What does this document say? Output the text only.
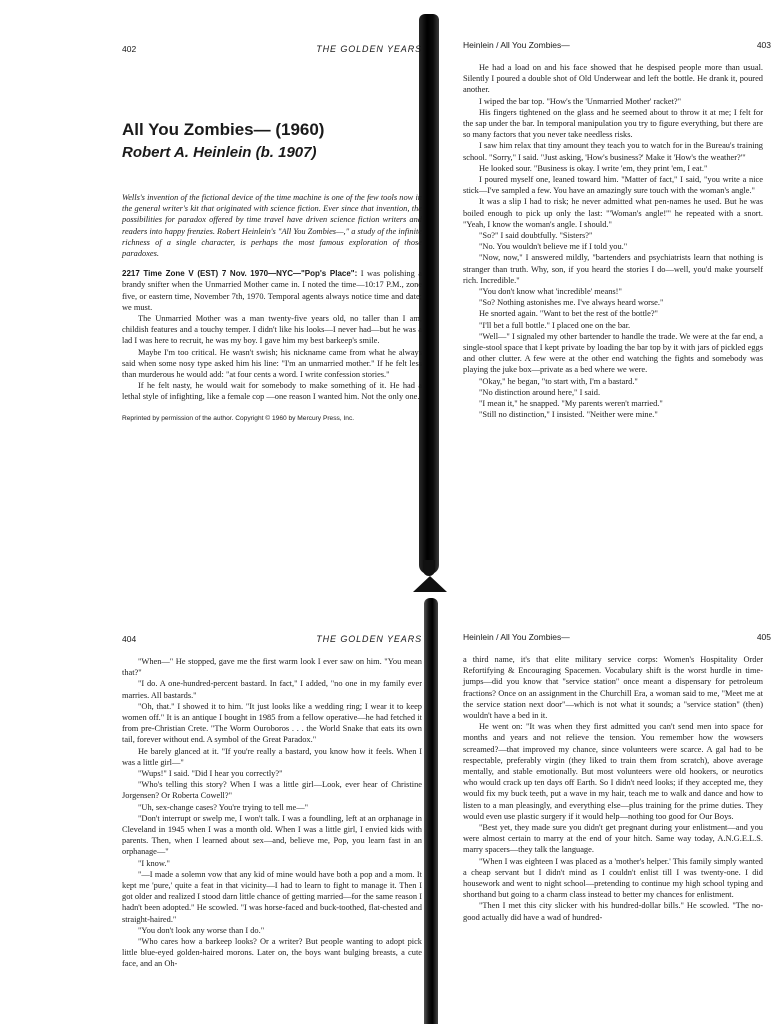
402	THE GOLDEN YEARS
All You Zombies— (1960)
Robert A. Heinlein (b. 1907)

Wells's invention of the fictional device of the time machine is one of the few tools now in the general writer's kit that originated with science fiction. Ever since that invention, the possibilities for paradox offered by time travel have driven science fiction writers and readers into happy frenzies. Robert Heinlein's "All You Zombies—," a study of the infinite richness of a single character, is perhaps the most famous exploration of those paradoxes.

2217 Time Zone V (EST) 7 Nov. 1970—NYC—"Pop's Place": I was polishing a brandy snifter when the Unmarried Mother came in. I noted the time—10:17 P.M., zone five, or eastern time, November 7th, 1970. Temporal agents always notice time and date; we must.

The Unmarried Mother was a man twenty-five years old, no taller than I am, childish features and a touchy temper. I didn't like his looks—I never had—but he was a lad I was here to recruit, he was my boy. I gave him my best barkeep's smile.

Maybe I'm too critical. He wasn't swish; his nickname came from what he always said when some nosy type asked him his line: "I'm an unmarried mother." If he felt less than murderous he would add: "at four cents a word. I write confession stories."

If he felt nasty, he would wait for somebody to make something of it. He had a lethal style of infighting, like a female cop —one reason I wanted him. Not the only one.

Reprinted by permission of the author. Copyright © 1960 by Mercury Press, Inc.
Heinlein / All You Zombies—	403

He had a load on and his face showed that he despised people more than usual. Silently I poured a double shot of Old Underwear and left the bottle. He drank it, poured another.

I wiped the bar top. "How's the 'Unmarried Mother' racket?"

His fingers tightened on the glass and he seemed about to throw it at me; I felt for the sap under the bar. In temporal manipulation you try to figure everything, but there are so many factors that you never take needless risks.

I saw him relax that tiny amount they teach you to watch for in the Bureau's training school. "Sorry," I said. "Just asking, 'How's business?' Make it 'How's the weather?'"

He looked sour. "Business is okay. I write 'em, they print 'em, I eat."

I poured myself one, leaned toward him. "Matter of fact," I said, "you write a nice stick—I've sampled a few. You have an amazingly sure touch with the woman's angle."

It was a slip I had to risk; he never admitted what pen-names he used. But he was boiled enough to pick up only the last: "'Woman's angle!'" he repeated with a snort. "Yeah, I know the woman's angle. I should."

"So?" I said doubtfully. "Sisters?"

"No. You wouldn't believe me if I told you."

"Now, now," I answered mildly, "bartenders and psychiatrists learn that nothing is stranger than truth. Why, son, if you heard the stories I do—well, you'd make yourself rich. Incredible."

"You don't know what 'incredible' means!"

"So? Nothing astonishes me. I've always heard worse."

He snorted again. "Want to bet the rest of the bottle?"

"I'll bet a full bottle." I placed one on the bar.

"Well—" I signaled my other bartender to handle the trade. We were at the far end, a single-stool space that I kept private by loading the bar top by it with jars of pickled eggs and other clutter. A few were at the other end watching the fights and somebody was playing the juke box—private as a bed where we were.

"Okay," he began, "to start with, I'm a bastard."

"No distinction around here," I said.

"I mean it," he snapped. "My parents weren't married."

"Still no distinction," I insisted. "Neither were mine."

404	THE GOLDEN YEARS

"When—" He stopped, gave me the first warm look I ever saw on him. "You mean that?"

"I do. A one-hundred-percent bastard. In fact," I added, "no one in my family ever marries. All bastards."

"Oh, that." I showed it to him. "It just looks like a wedding ring; I wear it to keep women off." It is an antique I bought in 1985 from a fellow operative—he had fetched it from pre-Christian Crete. "The Worm Ouroboros . . . the World Snake that eats its own tail, forever without end. A symbol of the Great Paradox."

He barely glanced at it. "If you're really a bastard, you know how it feels. When I was a little girl—"

"Wups!" I said. "Did I hear you correctly?"

"Who's telling this story? When I was a little girl—Look, ever hear of Christine Jorgensen? Or Roberta Cowell?"

"Uh, sex-change cases? You're trying to tell me—"

"Don't interrupt or swelp me, I won't talk. I was a foundling, left at an orphanage in Cleveland in 1945 when I was a month old. When I was a little girl, I envied kids with parents. Then, when I learned about sex—and, believe me, Pop, you learn fast in an orphanage—"

"I know."

"—I made a solemn vow that any kid of mine would have both a pop and a mom. It kept me 'pure,' quite a feat in that vicinity—I had to learn to fight to manage it. Then I got older and realized I stood darn little chance of getting married—for the same reason I hadn't been adopted." He scowled. "I was horse-faced and buck-toothed, flat-chested and straight-haired."

"You don't look any worse than I do."

"Who cares how a barkeep looks? Or a writer? But people wanting to adopt pick little blue-eyed golden-haired morons. Later on, the boys want bulging breasts, a cute face, and an Oh-

Heinlein / All You Zombies—	405

a third name, it's that elite military service corps: Women's Hospitality Order Refortifying & Encouraging Spacemen. Vocabulary shift is the worst hurdle in time-jumps—did you know that "service station" once meant a dispensary for petroleum fractions? Once on an assignment in the Churchill Era, a woman said to me, "Meet me at the service station next door"—which is not what it sounds; a "service station" (then) wouldn't have a bed in it.

He went on: "It was when they first admitted you can't send men into space for months and years and not relieve the tension. You remember how the wowsers screamed?—that improved my chance, since volunteers were scarce. A gal had to be respectable, preferably virgin (they liked to train them from scratch), above average mentally, and stable emotionally. But most volunteers were old hookers, or neurotics who would crack up ten days off Earth. So I didn't need looks; if they accepted me, they would fix my buck teeth, put a wave in my hair, teach me to walk and dance and how to listen to a man pleasingly, and everything else—plus training for the prime duties. They would even use plastic surgery if it would help—nothing too good for Our Boys.

"Best yet, they made sure you didn't get pregnant during your enlistment—and you were almost certain to marry at the end of your hitch. Same way today, A.N.G.E.L.S. marry spacers—they talk the language.

"When I was eighteen I was placed as a 'mother's helper.' This family simply wanted a cheap servant but I didn't mind as I couldn't enlist till I was twenty-one. I did housework and went to night school—pretending to continue my high school typing and shorthand but going to a charm class instead to better my chances for enlistment.

"Then I met this city slicker with his hundred-dollar bills." He scowled. "The no-good actually did have a wad of hundred-
